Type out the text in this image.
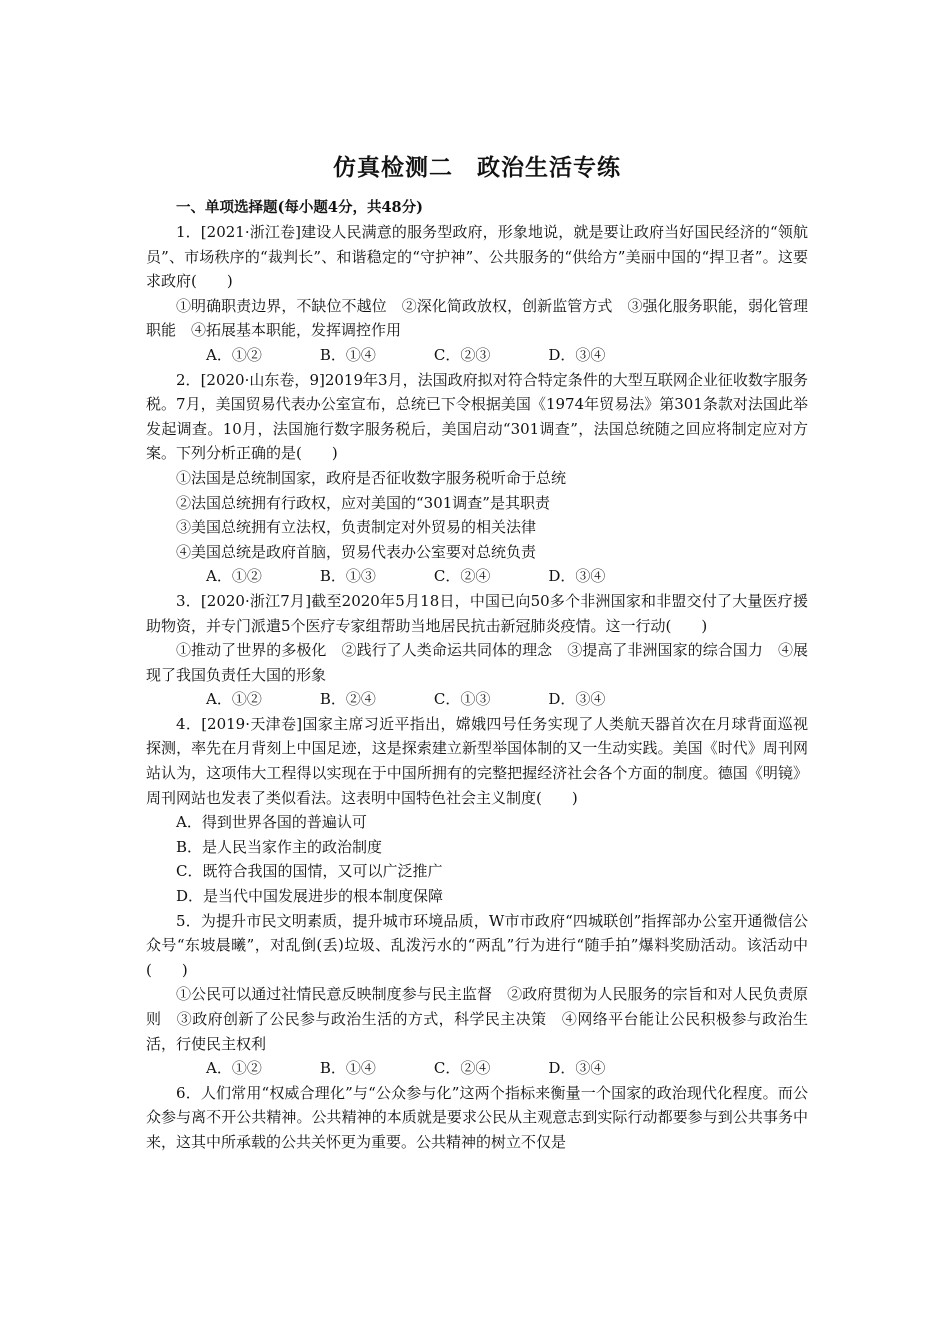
仿真检测二　政治生活专练
一、单项选择题(每小题4分，共48分)

1．[2021·浙江卷]建设人民满意的服务型政府，形象地说，就是要让政府当好国民经济的“领航员”、市场秩序的“裁判长”、和谐稳定的“守护神”、公共服务的“供给方”美丽中国的“捍卫者”。这要求政府(　　)

①明确职责边界，不缺位不越位　②深化简政放权，创新监管方式　③强化服务职能，弱化管理职能　④拓展基本职能，发挥调控作用

A．①②	B．①④	C．②③	D．③④

2．[2020·山东卷，9]2019年3月，法国政府拟对符合特定条件的大型互联网企业征收数字服务税。7月，美国贸易代表办公室宣布，总统已下令根据美国《1974年贸易法》第301条款对法国此举发起调查。10月，法国施行数字服务税后，美国启动“301调查”，法国总统随之回应将制定应对方案。下列分析正确的是(　　)

①法国是总统制国家，政府是否征收数字服务税听命于总统

②法国总统拥有行政权，应对美国的“301调查”是其职责

③美国总统拥有立法权，负责制定对外贸易的相关法律

④美国总统是政府首脑，贸易代表办公室要对总统负责

A．①②	B．①③	C．②④	D．③④

3．[2020·浙江7月]截至2020年5月18日，中国已向50多个非洲国家和非盟交付了大量医疗援助物资，并专门派遣5个医疗专家组帮助当地居民抗击新冠肺炎疫情。这一行动(　　)

①推动了世界的多极化　②践行了人类命运共同体的理念　③提高了非洲国家的综合国力　④展现了我国负责任大国的形象

A．①②	B．②④	C．①③	D．③④

4．[2019·天津卷]国家主席习近平指出，嫦娥四号任务实现了人类航天器首次在月球背面巡视探测，率先在月背刻上中国足迹，这是探索建立新型举国体制的又一生动实践。美国《时代》周刊网站认为，这项伟大工程得以实现在于中国所拥有的完整把握经济社会各个方面的制度。德国《明镜》周刊网站也发表了类似看法。这表明中国特色社会主义制度(　　)

A．得到世界各国的普遍认可

B．是人民当家作主的政治制度

C．既符合我国的国情，又可以广泛推广

D．是当代中国发展进步的根本制度保障

5．为提升市民文明素质，提升城市环境品质，W市市政府“四城联创”指挥部办公室开通微信公众号“东坡晨曦”，对乱倒(丢)垃圾、乱泼污水的“两乱”行为进行“随手拍”爆料奖励活动。该活动中(　　)

①公民可以通过社情民意反映制度参与民主监督　②政府贯彻为人民服务的宗旨和对人民负责原则　③政府创新了公民参与政治生活的方式，科学民主决策　④网络平台能让公民积极参与政治生活，行使民主权利

A．①②	B．①④	C．②④	D．③④

6．人们常用“权威合理化”与“公众参与化”这两个指标来衡量一个国家的政治现代化程度。而公众参与离不开公共精神。公共精神的本质就是要求公民从主观意志到实际行动都要参与到公共事务中来，这其中所承载的公共关怀更为重要。公共精神的树立不仅是
